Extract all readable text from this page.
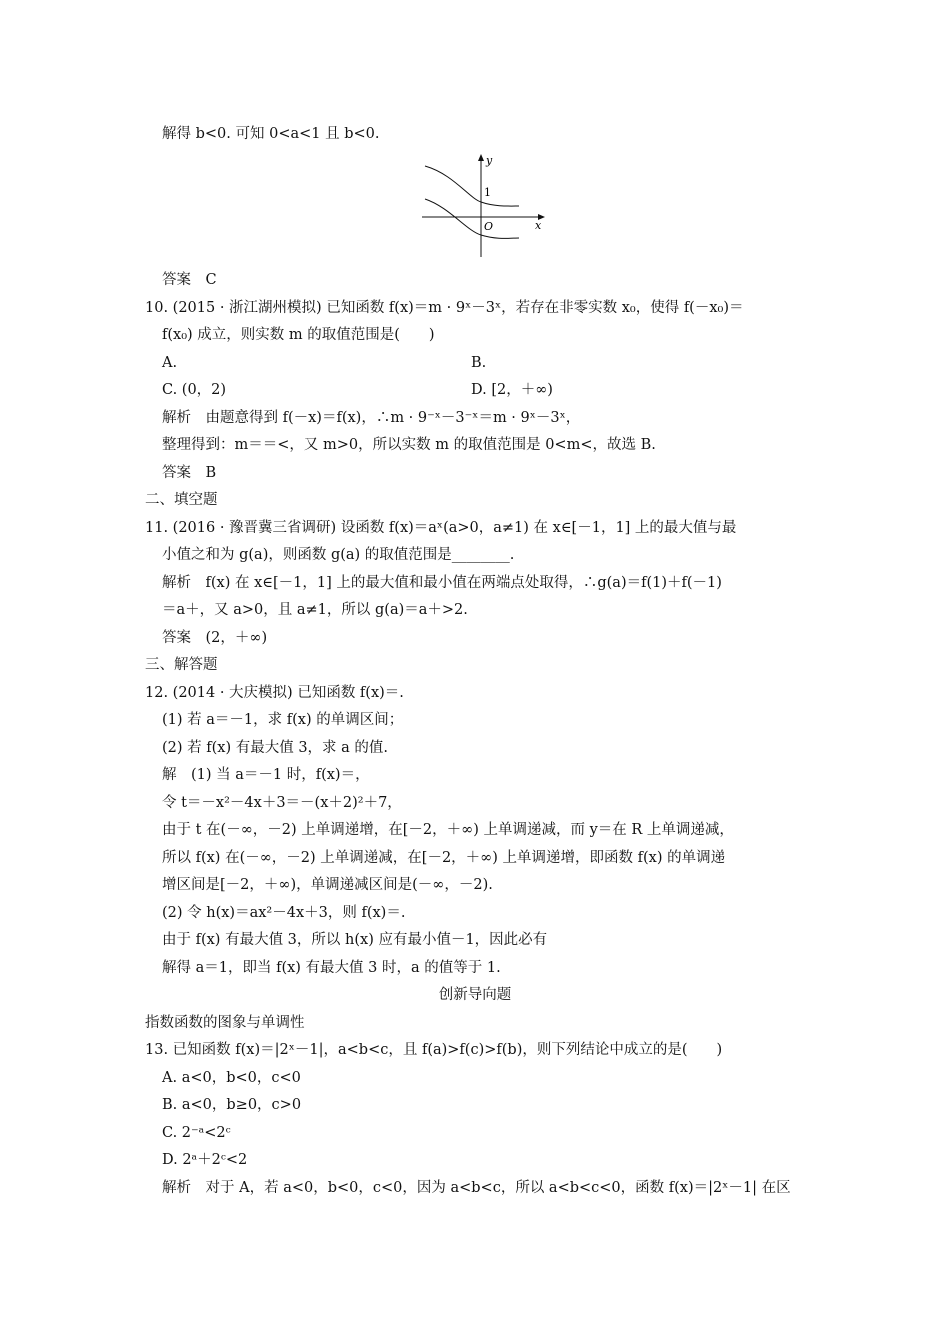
解得 b<0. 可知 0<a<1 且 b<0.
y
x
1
O
答案　C
10. (2015 · 浙江湖州模拟) 已知函数 f(x)＝m · 9ˣ－3ˣ，若存在非零实数 x₀，使得 f(－x₀)＝
f(x₀) 成立，则实数 m 的取值范围是(　　)
A.	B.
C. (0，2)	D. [2，＋∞)
解析　由题意得到 f(－x)＝f(x)，∴m · 9⁻ˣ－3⁻ˣ＝m · 9ˣ－3ˣ，
整理得到：m＝＝<，又 m>0，所以实数 m 的取值范围是 0<m<，故选 B.
答案　B
二、填空题
11. (2016 · 豫晋冀三省调研) 设函数 f(x)＝aˣ(a>0，a≠1) 在 x∈[－1，1] 上的最大值与最
小值之和为 g(a)，则函数 g(a) 的取值范围是________.
解析　f(x) 在 x∈[－1，1] 上的最大值和最小值在两端点处取得，∴g(a)＝f(1)＋f(－1)
＝a＋，又 a>0，且 a≠1，所以 g(a)＝a＋>2.
答案　(2，＋∞)
三、解答题
12. (2014 · 大庆模拟) 已知函数 f(x)＝.
(1) 若 a＝－1，求 f(x) 的单调区间；
(2) 若 f(x) 有最大值 3，求 a 的值.
解　(1) 当 a＝－1 时，f(x)＝，
令 t＝－x²－4x＋3＝－(x＋2)²＋7，
由于 t 在(－∞，－2) 上单调递增，在[－2，＋∞) 上单调递减，而 y＝在 R 上单调递减，
所以 f(x) 在(－∞，－2) 上单调递减，在[－2，＋∞) 上单调递增，即函数 f(x) 的单调递
增区间是[－2，＋∞)，单调递减区间是(－∞，－2).
(2) 令 h(x)＝ax²－4x＋3，则 f(x)＝.
由于 f(x) 有最大值 3，所以 h(x) 应有最小值－1，因此必有
解得 a＝1，即当 f(x) 有最大值 3 时，a 的值等于 1.
创新导向题
指数函数的图象与单调性
13. 已知函数 f(x)＝|2ˣ－1|，a<b<c，且 f(a)>f(c)>f(b)，则下列结论中成立的是(　　)
A. a<0，b<0，c<0
B. a<0，b≥0，c>0
C. 2⁻ᵃ<2ᶜ
D. 2ᵃ＋2ᶜ<2
解析　对于 A，若 a<0，b<0，c<0，因为 a<b<c，所以 a<b<c<0，函数 f(x)＝|2ˣ－1| 在区
